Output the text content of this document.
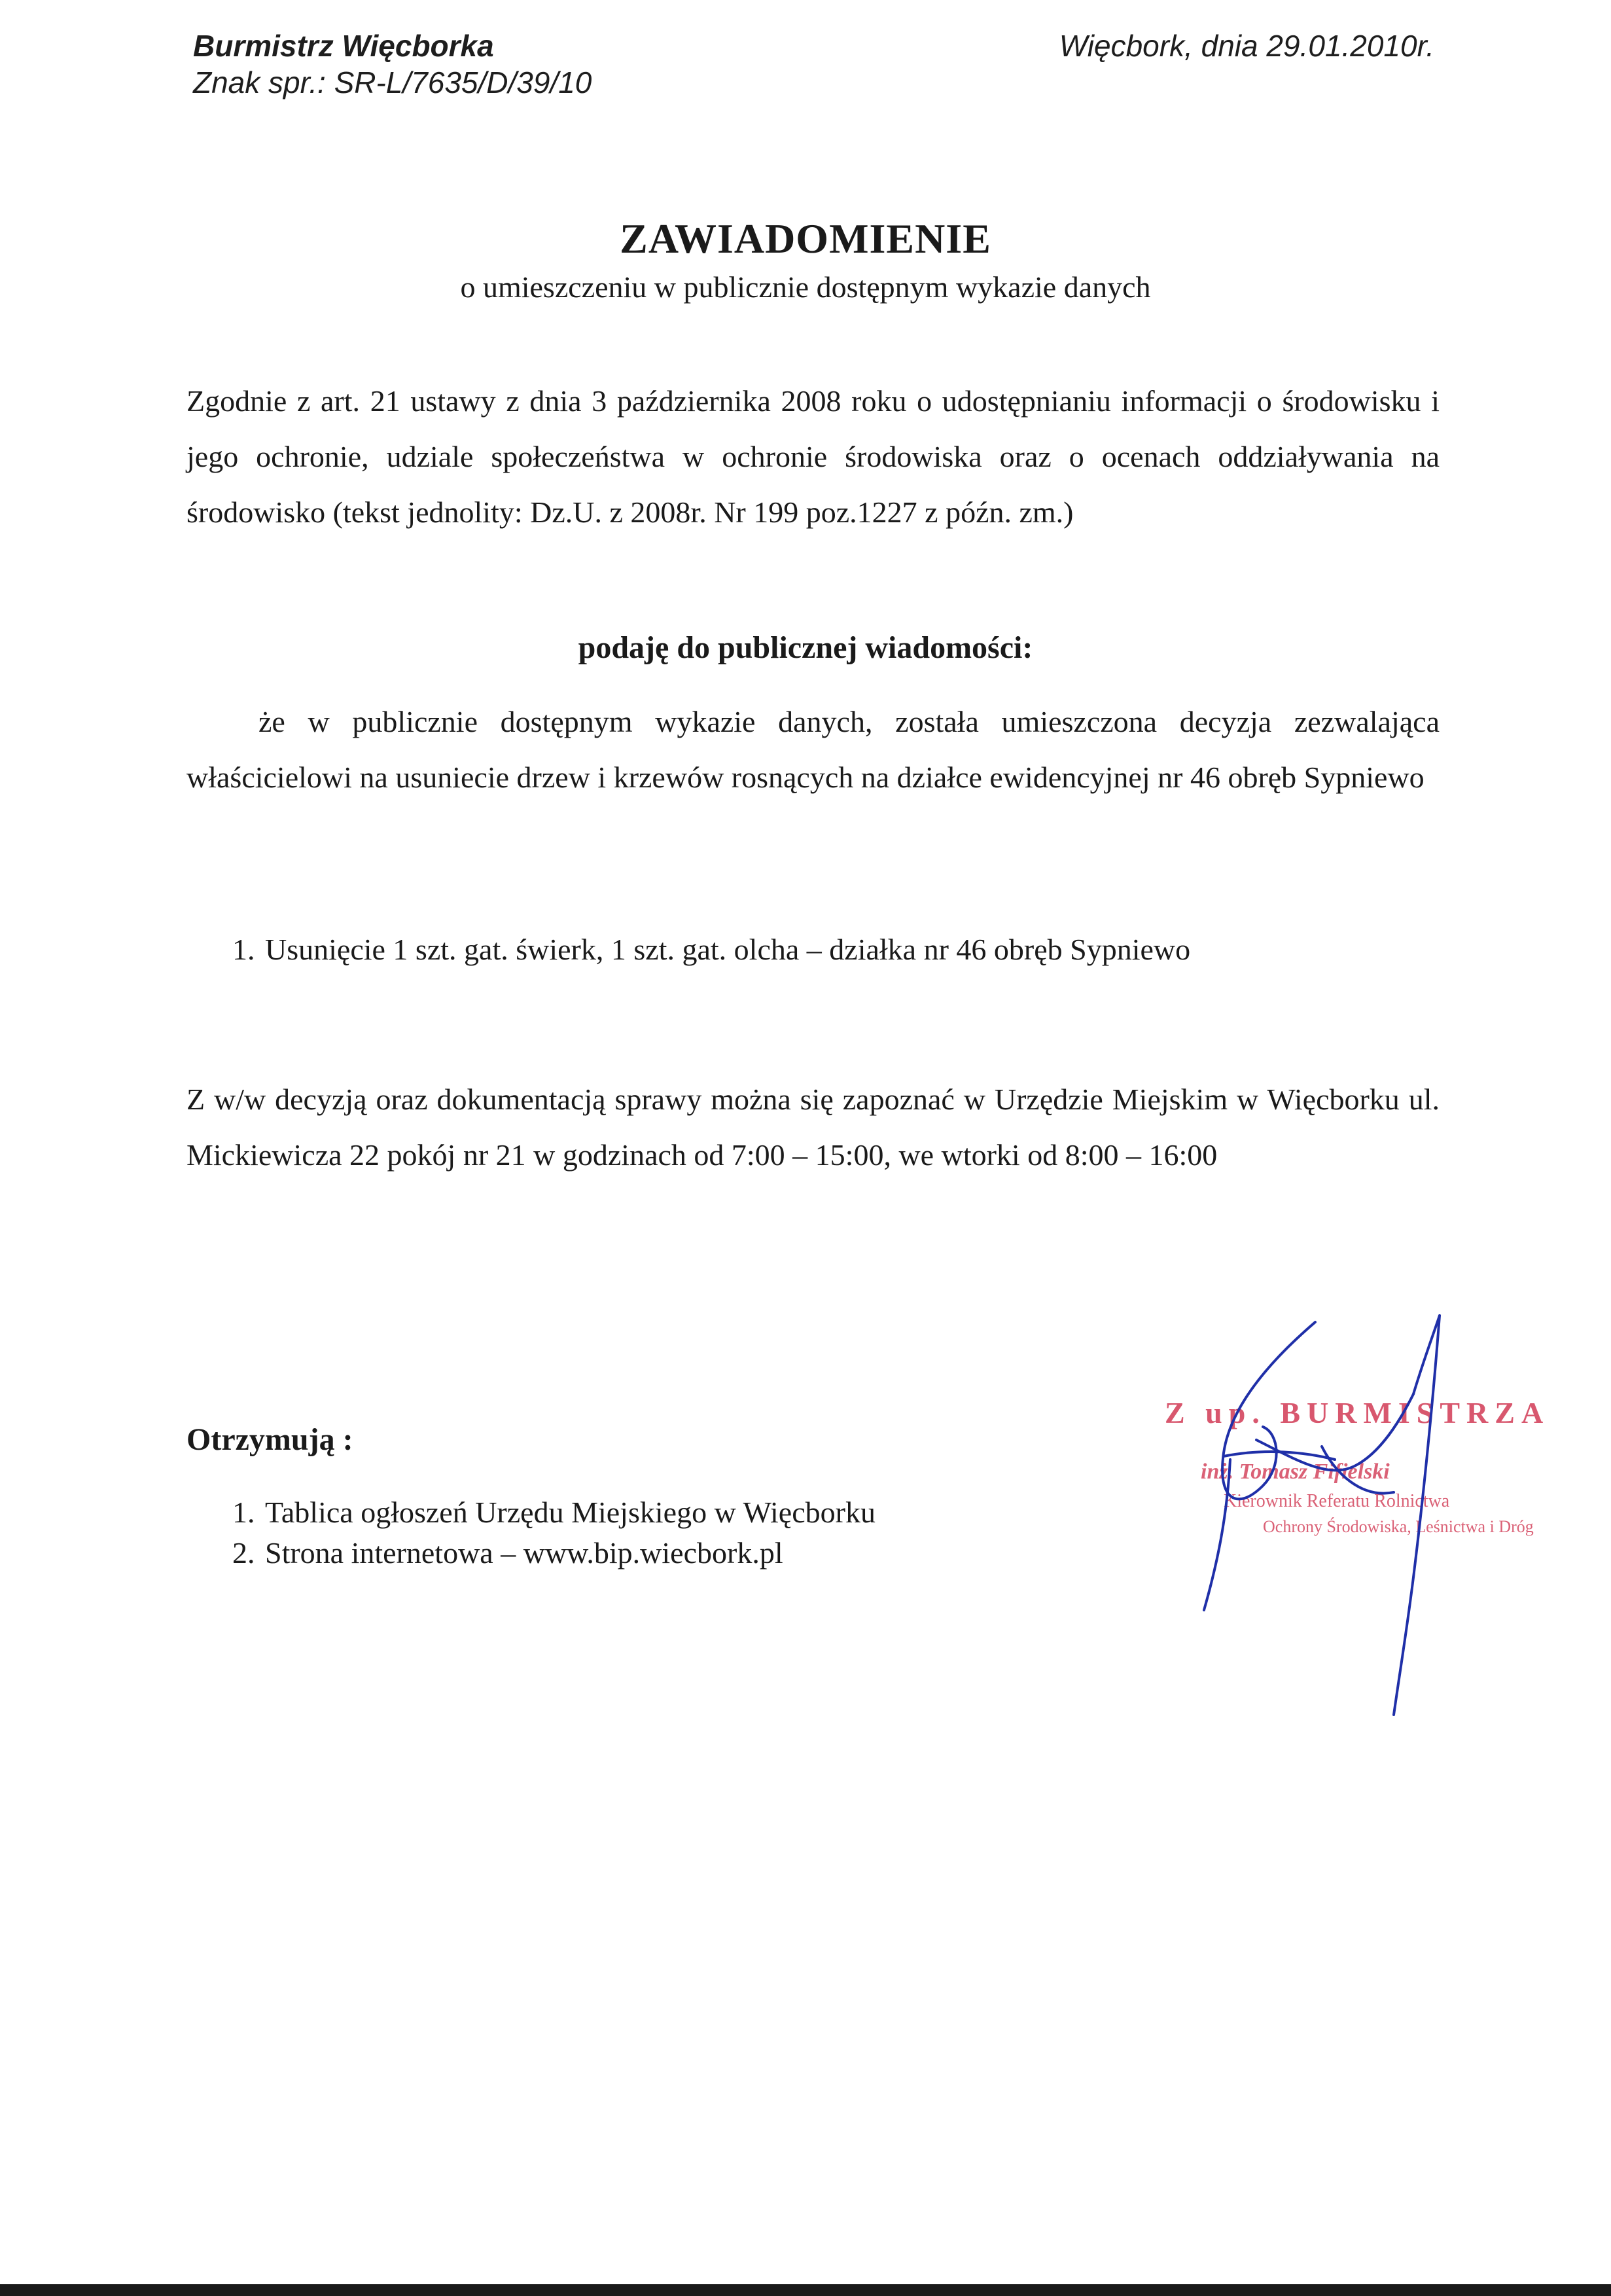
Burmistrz Więcborka
Znak spr.: SR-L/7635/D/39/10
Więcbork, dnia 29.01.2010r.
ZAWIADOMIENIE
o umieszczeniu w publicznie dostępnym wykazie danych

Zgodnie z art. 21 ustawy z dnia 3 października 2008 roku o udostępnianiu informacji o środowisku i jego ochronie, udziale społeczeństwa w ochronie środowiska oraz o ocenach oddziaływania na środowisko (tekst jednolity: Dz.U. z 2008r. Nr 199 poz.1227 z późn. zm.)

podaję do publicznej wiadomości:

że w publicznie dostępnym wykazie danych, została umieszczona decyzja zezwalająca właścicielowi na usuniecie drzew i krzewów rosnących na działce ewidencyjnej nr 46 obręb Sypniewo

1. Usunięcie 1 szt. gat. świerk, 1 szt. gat. olcha – działka nr 46 obręb Sypniewo

Z w/w decyzją oraz dokumentacją sprawy można się zapoznać w Urzędzie Miejskim w Więcborku ul. Mickiewicza 22 pokój nr 21 w godzinach od 7:00 – 15:00, we wtorki od 8:00 – 16:00

Otrzymują :
1. Tablica ogłoszeń Urzędu Miejskiego w Więcborku
2. Strona internetowa – www.bip.wiecbork.pl
Z up. BURMISTRZA
inż. Tomasz Fifielski
Kierownik Referatu Rolnictwa
Ochrony Środowiska, Leśnictwa i Dróg
